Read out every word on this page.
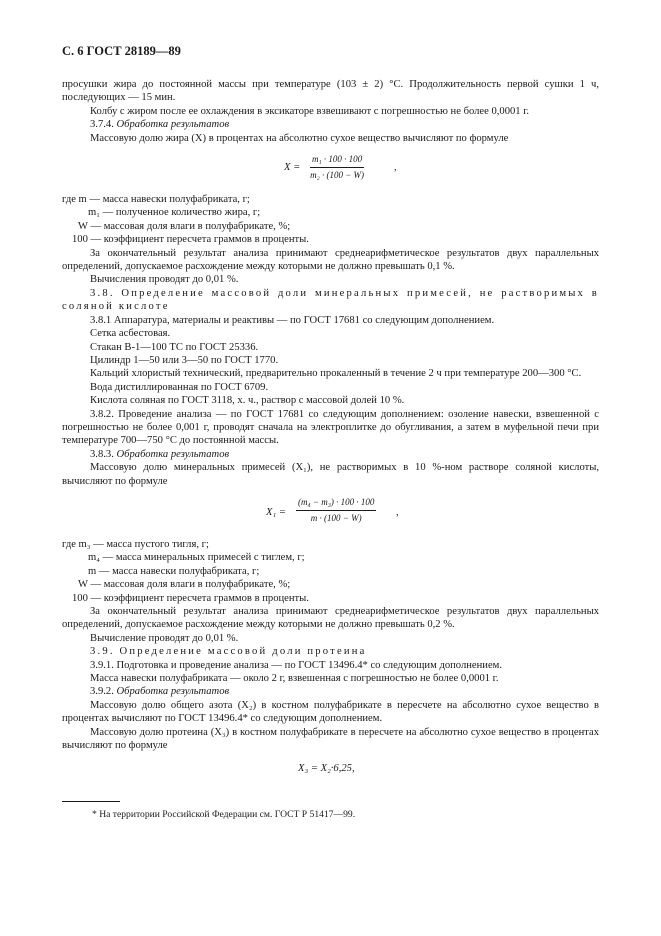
С. 6 ГОСТ 28189—89

просушки жира до постоянной массы при температуре (103 ± 2) °С. Продолжительность первой сушки 1 ч, последующих — 15 мин.

Колбу с жиром после ее охлаждения в эксикаторе взвешивают с погрешностью не более 0,0001 г.

3.7.4. Обработка результатов

Массовую долю жира (X) в процентах на абсолютно сухое вещество вычисляют по формуле

$X = \frac{\text{m₁ · 100 · 100}}{\text{m₂ · (100 − W)}}$	,

где m — масса навески полуфабриката, г;

m₁ — полученное количество жира, г;

W — массовая доля влаги в полуфабрикате, %;

100 — коэффициент пересчета граммов в проценты.

За окончательный результат анализа принимают среднеарифметическое результатов двух параллельных определений, допускаемое расхождение между которыми не должно превышать 0,1 %.

Вычисления проводят до 0,01 %.

3.8. Определение массовой доли минеральных примесей, не растворимых в соляной кислоте

3.8.1 Аппаратура, материалы и реактивы — по ГОСТ 17681 со следующим дополнением.

Сетка асбестовая.

Стакан В-1—100 ТС по ГОСТ 25336.

Цилиндр 1—50 или 3—50 по ГОСТ 1770.

Кальций хлористый технический, предварительно прокаленный в течение 2 ч при температуре 200—300 °С.

Вода дистиллированная по ГОСТ 6709.

Кислота соляная по ГОСТ 3118, х. ч., раствор с массовой долей 10 %.

3.8.2. Проведение анализа — по ГОСТ 17681 со следующим дополнением: озоление навески, взвешенной с погрешностью не более 0,001 г, проводят сначала на электроплитке до обугливания, а затем в муфельной печи при температуре 700—750 °С до постоянной массы.

3.8.3. Обработка результатов

Массовую долю минеральных примесей (X₁), не растворимых в 10 %-ном растворе соляной кислоты, вычисляют по формуле

$X_1 = \frac{\text{(m₄ − m₃) · 100 · 100}}{m \cdot (100 - W)}$ ,

где m₃ — масса пустого тигля, г;

m₄ — масса минеральных примесей с тиглем, г;

m — масса навески полуфабриката, г;

W — массовая доля влаги в полуфабрикате, %;

100 — коэффициент пересчета граммов в проценты.

За окончательный результат анализа принимают среднеарифметическое результатов двух параллельных определений, допускаемое расхождение между которыми не должно превышать 0,2 %.

Вычисление проводят до 0,01 %.

3.9. Определение массовой доли протеина

3.9.1. Подготовка и проведение анализа — по ГОСТ 13496.4* со следующим дополнением.

Масса навески полуфабриката — около 2 г, взвешенная с погрешностью не более 0,0001 г.

3.9.2. Обработка результатов

Массовую долю общего азота (X₂) в костном полуфабрикате в пересчете на абсолютно сухое вещество в процентах вычисляют по ГОСТ 13496.4* со следующим дополнением.

Массовую долю протеина (X₃) в костном полуфабрикате в пересчете на абсолютно сухое вещество в процентах вычисляют по формуле

X₃ = X₂·6,25,
* На территории Российской Федерации см. ГОСТ Р 51417—99.
